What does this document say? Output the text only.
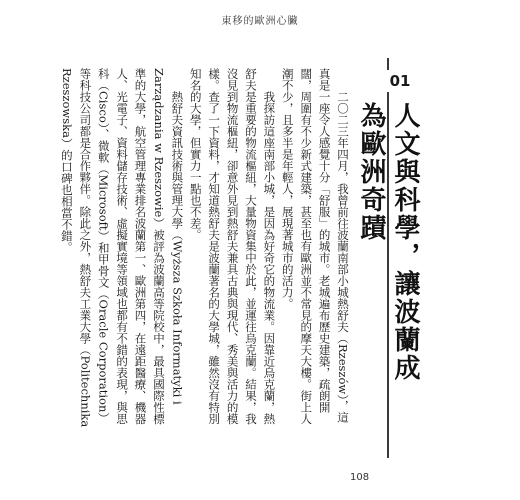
東移的歐洲心臟
01
人文與科學，讓波蘭成為歐洲奇蹟

二〇二三年四月，我曾前往波蘭南部小城熱舒夫（Rzeszów），這真是一座令人感覺十分「舒服」的城市。老城遍布歷史建築，疏朗開闊，周圍有不少新式建築，甚至也有歐洲並不常見的摩天大樓。街上人潮不少，且多半是年輕人，展現著城市的活力。

我探訪這座南部小城，是因為好奇它的物流業。因靠近烏克蘭，熱舒夫是重要的物流樞紐，大量物資集中於此，並運往烏克蘭。結果，我沒見到物流樞紐，卻意外見到熱舒夫兼具古典與現代、秀美與活力的模樣。查了一下資料，才知道熱舒夫是波蘭著名的大學城，雖然沒有特別知名的大學，但實力一點也不差。

熱舒夫資訊技術與管理大學（Wyższa Szkoła Informatyki i Zarządzania w Rzeszowie）被評為波蘭高等院校中，最具國際性標準的大學，航空管理專業排名波蘭第一、歐洲第四，在遠距醫療、機器人、光電子、資料儲存技術、虛擬實境等領域也都有不錯的表現，與思科（Cisco）、微軟（Microsoft）和甲骨文（Oracle Corporation）等科技公司都是合作夥伴。除此之外，熱舒夫工業大學（Politechnika Rzeszowska）的口碑也相當不錯。

108
